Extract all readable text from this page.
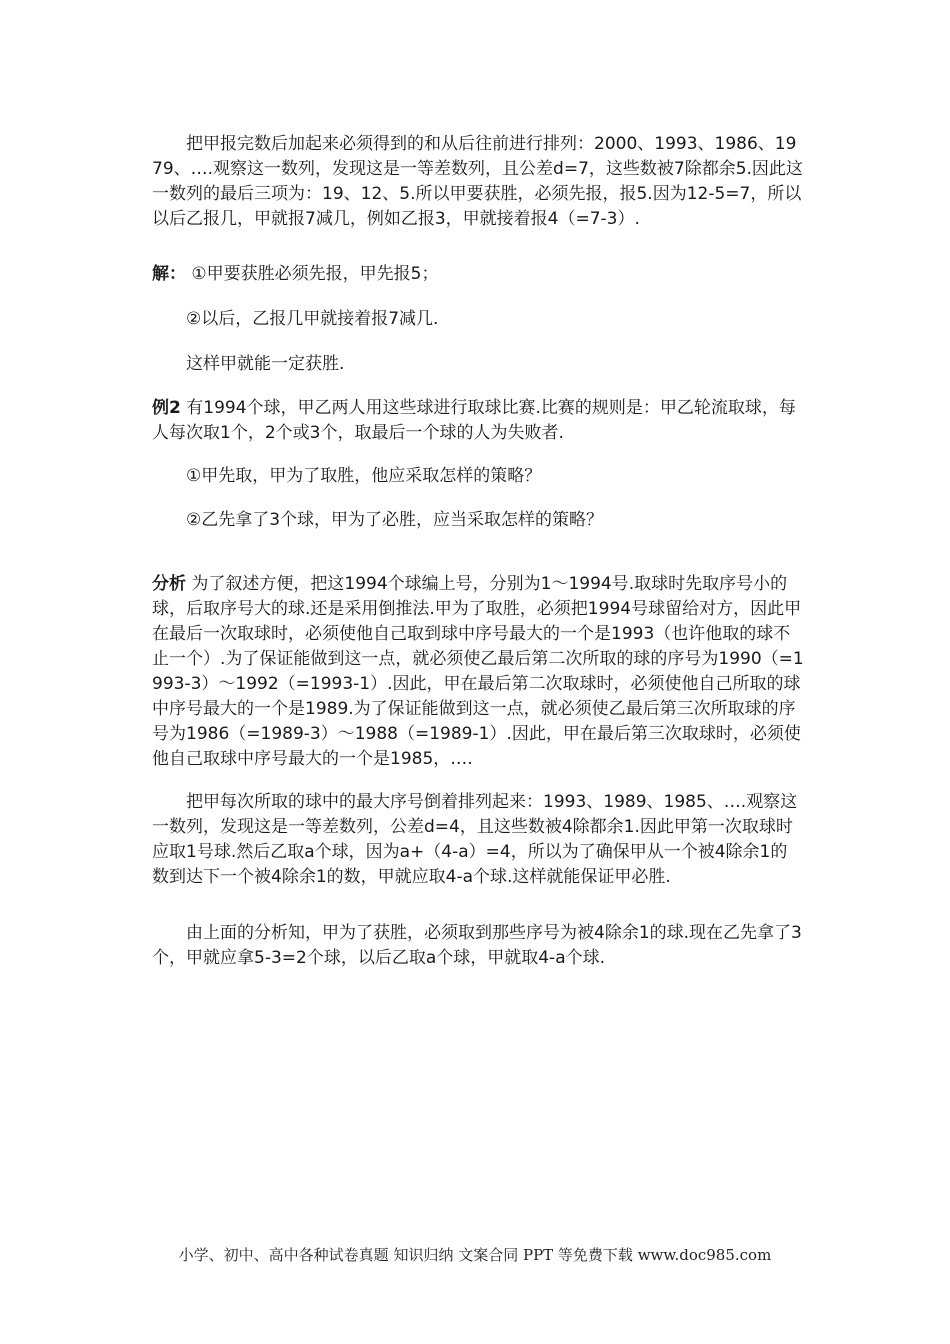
把甲报完数后加起来必须得到的和从后往前进行排列：2000、1993、1986、1979、….观察这一数列，发现这是一等差数列，且公差d=7，这些数被7除都余5.因此这一数列的最后三项为：19、12、5.所以甲要获胜，必须先报，报5.因为12-5=7，所以以后乙报几，甲就报7减几，例如乙报3，甲就接着报4（=7-3）.
解： ①甲要获胜必须先报，甲先报5；
②以后，乙报几甲就接着报7减几.
这样甲就能一定获胜.
例2 有1994个球，甲乙两人用这些球进行取球比赛.比赛的规则是：甲乙轮流取球，每人每次取1个，2个或3个，取最后一个球的人为失败者.
①甲先取，甲为了取胜，他应采取怎样的策略？
②乙先拿了3个球，甲为了必胜，应当采取怎样的策略？
分析 为了叙述方便，把这1994个球编上号，分别为1～1994号.取球时先取序号小的球，后取序号大的球.还是采用倒推法.甲为了取胜，必须把1994号球留给对方，因此甲在最后一次取球时，必须使他自己取到球中序号最大的一个是1993（也许他取的球不止一个）.为了保证能做到这一点，就必须使乙最后第二次所取的球的序号为1990（=1993-3）～1992（=1993-1）.因此，甲在最后第二次取球时，必须使他自己所取的球中序号最大的一个是1989.为了保证能做到这一点，就必须使乙最后第三次所取球的序号为1986（=1989-3）～1988（=1989-1）.因此，甲在最后第三次取球时，必须使他自己取球中序号最大的一个是1985，….
把甲每次所取的球中的最大序号倒着排列起来：1993、1989、1985、….观察这一数列，发现这是一等差数列，公差d=4，且这些数被4除都余1.因此甲第一次取球时应取1号球.然后乙取a个球，因为a+（4-a）=4，所以为了确保甲从一个被4除余1的数到达下一个被4除余1的数，甲就应取4-a个球.这样就能保证甲必胜.
由上面的分析知，甲为了获胜，必须取到那些序号为被4除余1的球.现在乙先拿了3个，甲就应拿5-3=2个球，以后乙取a个球，甲就取4-a个球.
小学、初中、高中各种试卷真题 知识归纳 文案合同 PPT 等免费下载 www.doc985.com
